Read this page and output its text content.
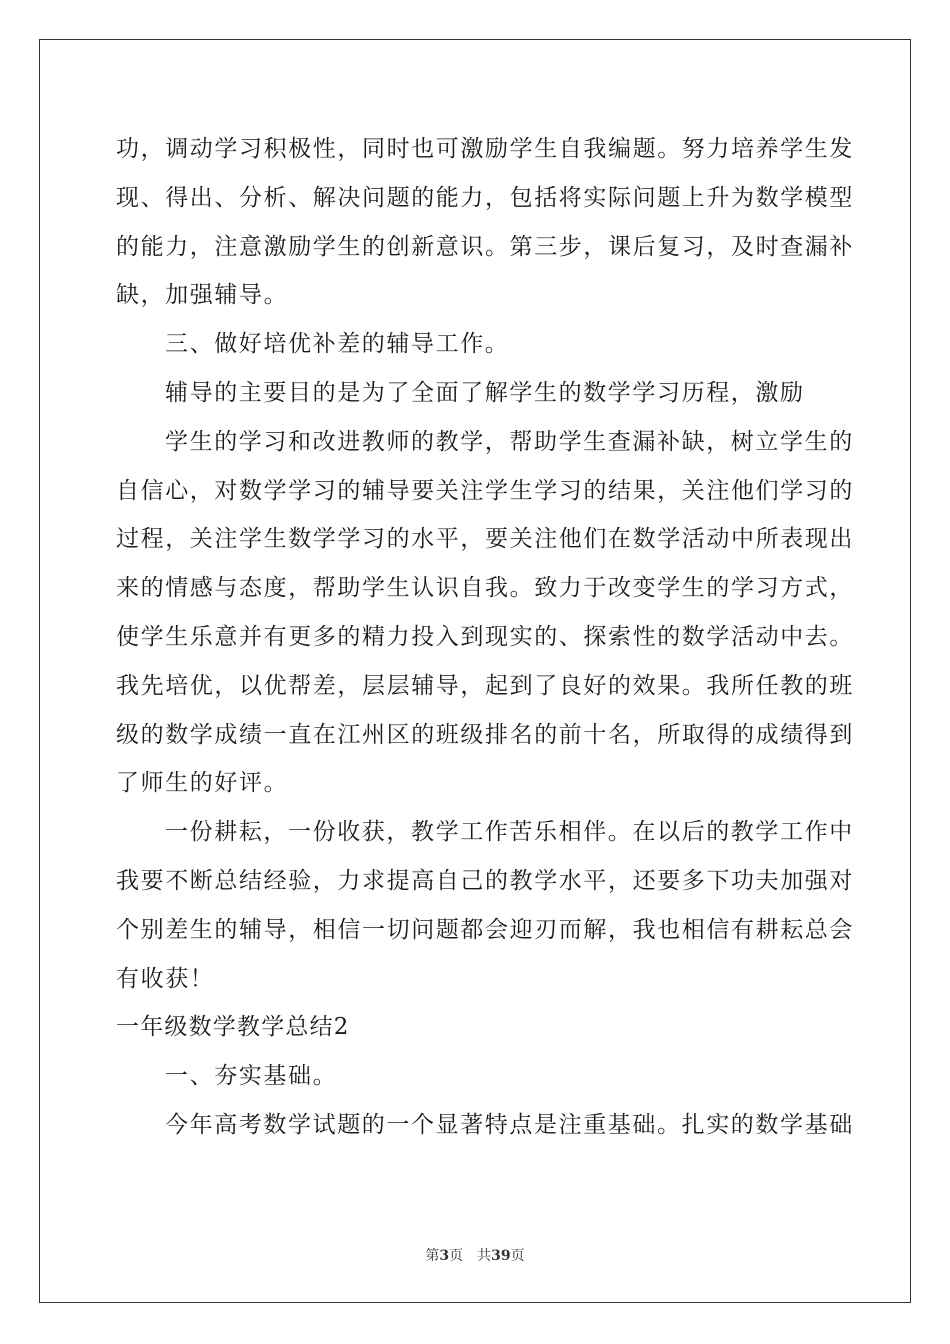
功，调动学习积极性，同时也可激励学生自我编题。努力培养学生发
现、得出、分析、解决问题的能力，包括将实际问题上升为数学模型
的能力，注意激励学生的创新意识。第三步，课后复习，及时查漏补
缺，加强辅导。
三、做好培优补差的辅导工作。
辅导的主要目的是为了全面了解学生的数学学习历程，激励
学生的学习和改进教师的教学，帮助学生查漏补缺，树立学生的
自信心，对数学学习的辅导要关注学生学习的结果，关注他们学习的
过程，关注学生数学学习的水平，要关注他们在数学活动中所表现出
来的情感与态度，帮助学生认识自我。致力于改变学生的学习方式，
使学生乐意并有更多的精力投入到现实的、探索性的数学活动中去。
我先培优，以优帮差，层层辅导，起到了良好的效果。我所任教的班
级的数学成绩一直在江州区的班级排名的前十名，所取得的成绩得到
了师生的好评。
一份耕耘，一份收获，教学工作苦乐相伴。在以后的教学工作中
我要不断总结经验，力求提高自己的教学水平，还要多下功夫加强对
个别差生的辅导，相信一切问题都会迎刃而解，我也相信有耕耘总会
有收获！
一年级数学教学总结2
一、夯实基础。
今年高考数学试题的一个显著特点是注重基础。扎实的数学基础
第3页 共39页
